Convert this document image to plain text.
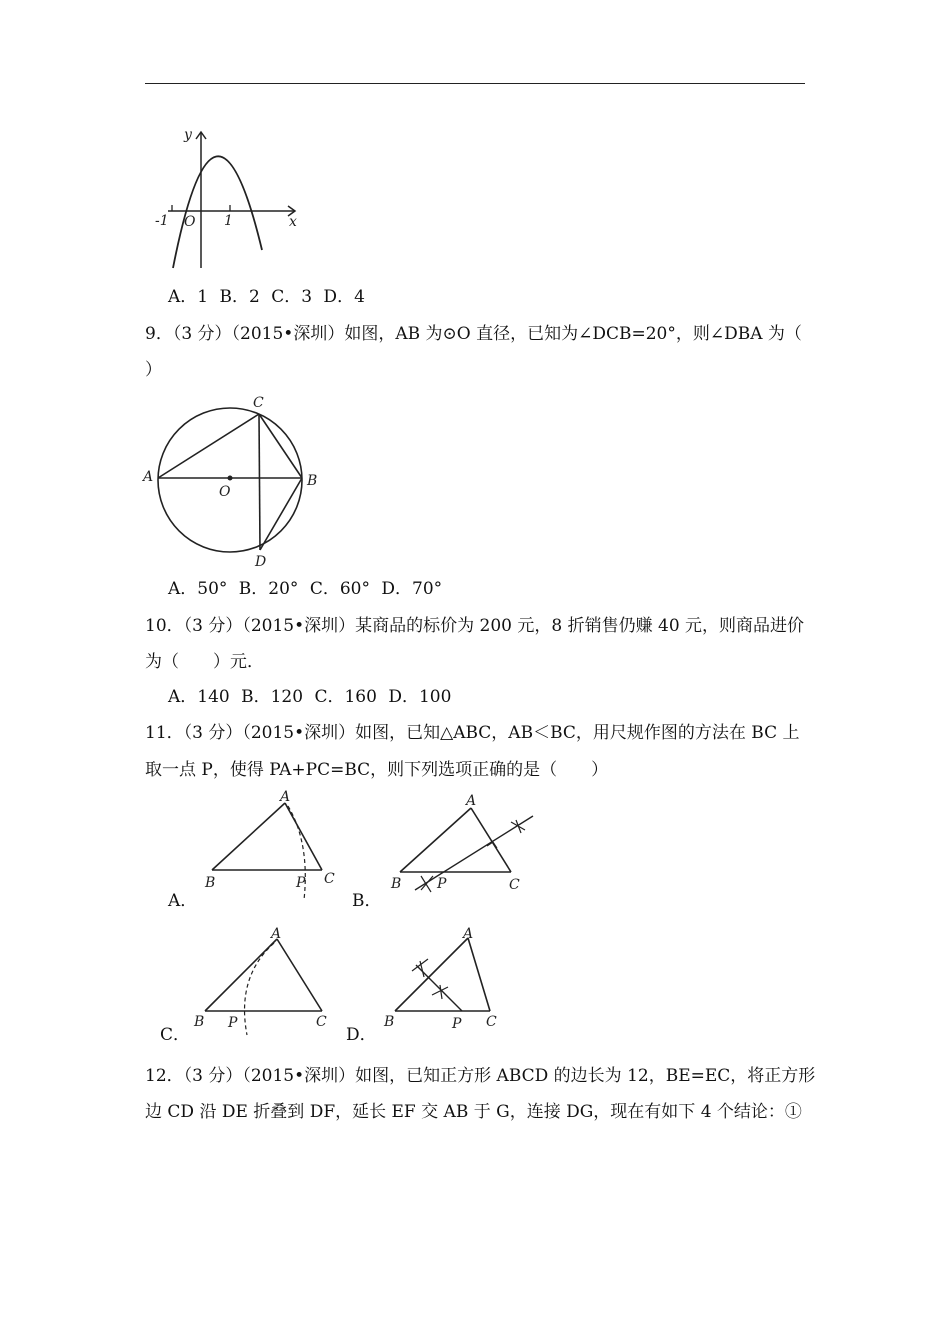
y
x
-1 O 1
A．1 B．2 C．3 D．4
9．（3 分）（2015•深圳）如图，AB 为⊙O 直径，已知为∠DCB=20°，则∠DBA 为（
）
A	B
C
D
O
A．50° B．20° C．60° D．70°
10．（3 分）（2015•深圳）某商品的标价为 200 元，8 折销售仍赚 40 元，则商品进价
为（　　）元．
A．140 B．120 C．160 D．100
11．（3 分）（2015•深圳）如图，已知△ABC，AB＜BC，用尺规作图的方法在 BC 上
取一点 P，使得 PA+PC=BC，则下列选项正确的是（　　）
A．
A
B	P C
B．
A
B	P	C
C．
A
B P	C
D．
A
B	P C
12．（3 分）（2015•深圳）如图，已知正方形 ABCD 的边长为 12，BE=EC，将正方形
边 CD 沿 DE 折叠到 DF，延长 EF 交 AB 于 G，连接 DG，现在有如下 4 个结论：①
